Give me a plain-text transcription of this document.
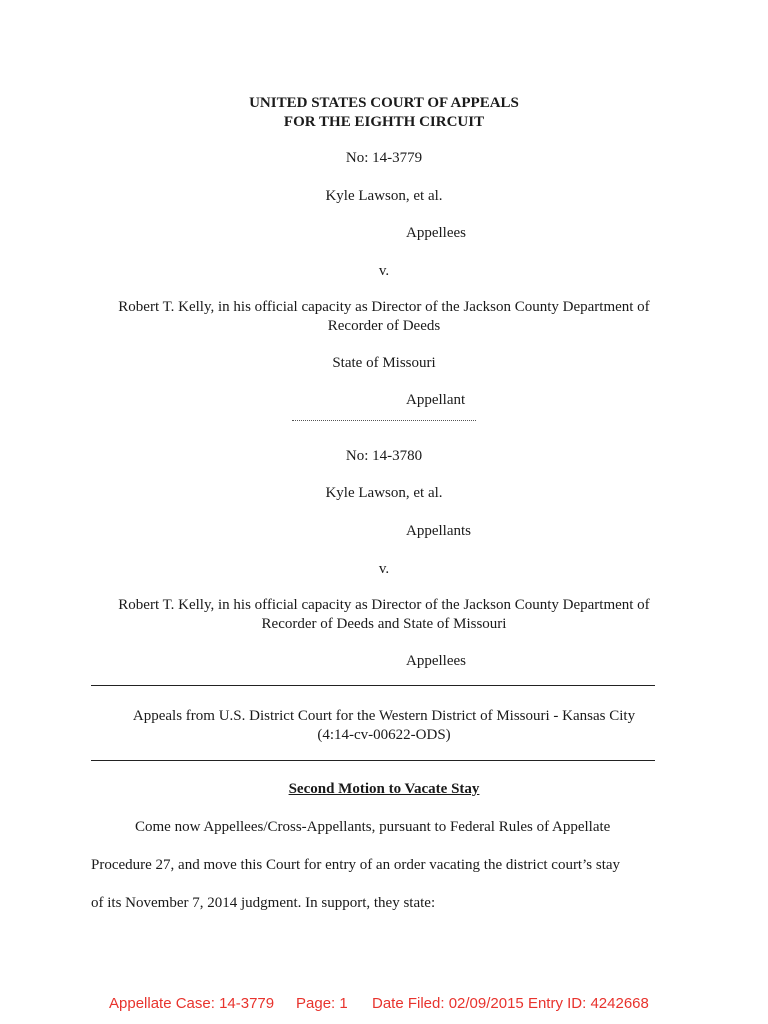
UNITED STATES COURT OF APPEALS
FOR THE EIGHTH CIRCUIT
No: 14-3779
Kyle Lawson, et al.
Appellees
v.
Robert T. Kelly, in his official capacity as Director of the Jackson County Department of
Recorder of Deeds
State of Missouri
Appellant
No: 14-3780
Kyle Lawson, et al.
Appellants
v.
Robert T. Kelly, in his official capacity as Director of the Jackson County Department of
Recorder of Deeds and State of Missouri
Appellees
Appeals from U.S. District Court for the Western District of Missouri - Kansas City
(4:14-cv-00622-ODS)
Second Motion to Vacate Stay
Come now Appellees/Cross-Appellants, pursuant to Federal Rules of Appellate
Procedure 27, and move this Court for entry of an order vacating the district court’s stay
of its November 7, 2014 judgment. In support, they state:
Appellate Case: 14-3779 Page: 1 Date Filed: 02/09/2015 Entry ID: 4242668
